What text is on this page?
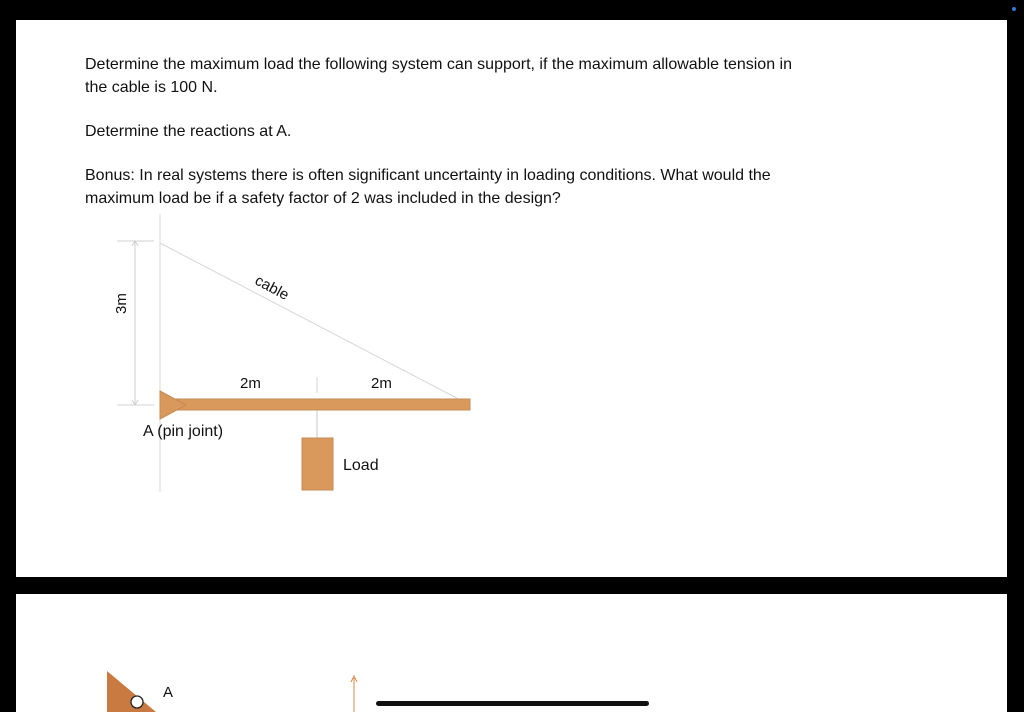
Determine the maximum load the following system can support, if the maximum allowable tension in the cable is 100 N.

Determine the reactions at A.

Bonus: In real systems there is often significant uncertainty in loading conditions. What would the maximum load be if a safety factor of 2 was included in the design?

3m	cable
2m	2m
A (pin joint)
Load
A
